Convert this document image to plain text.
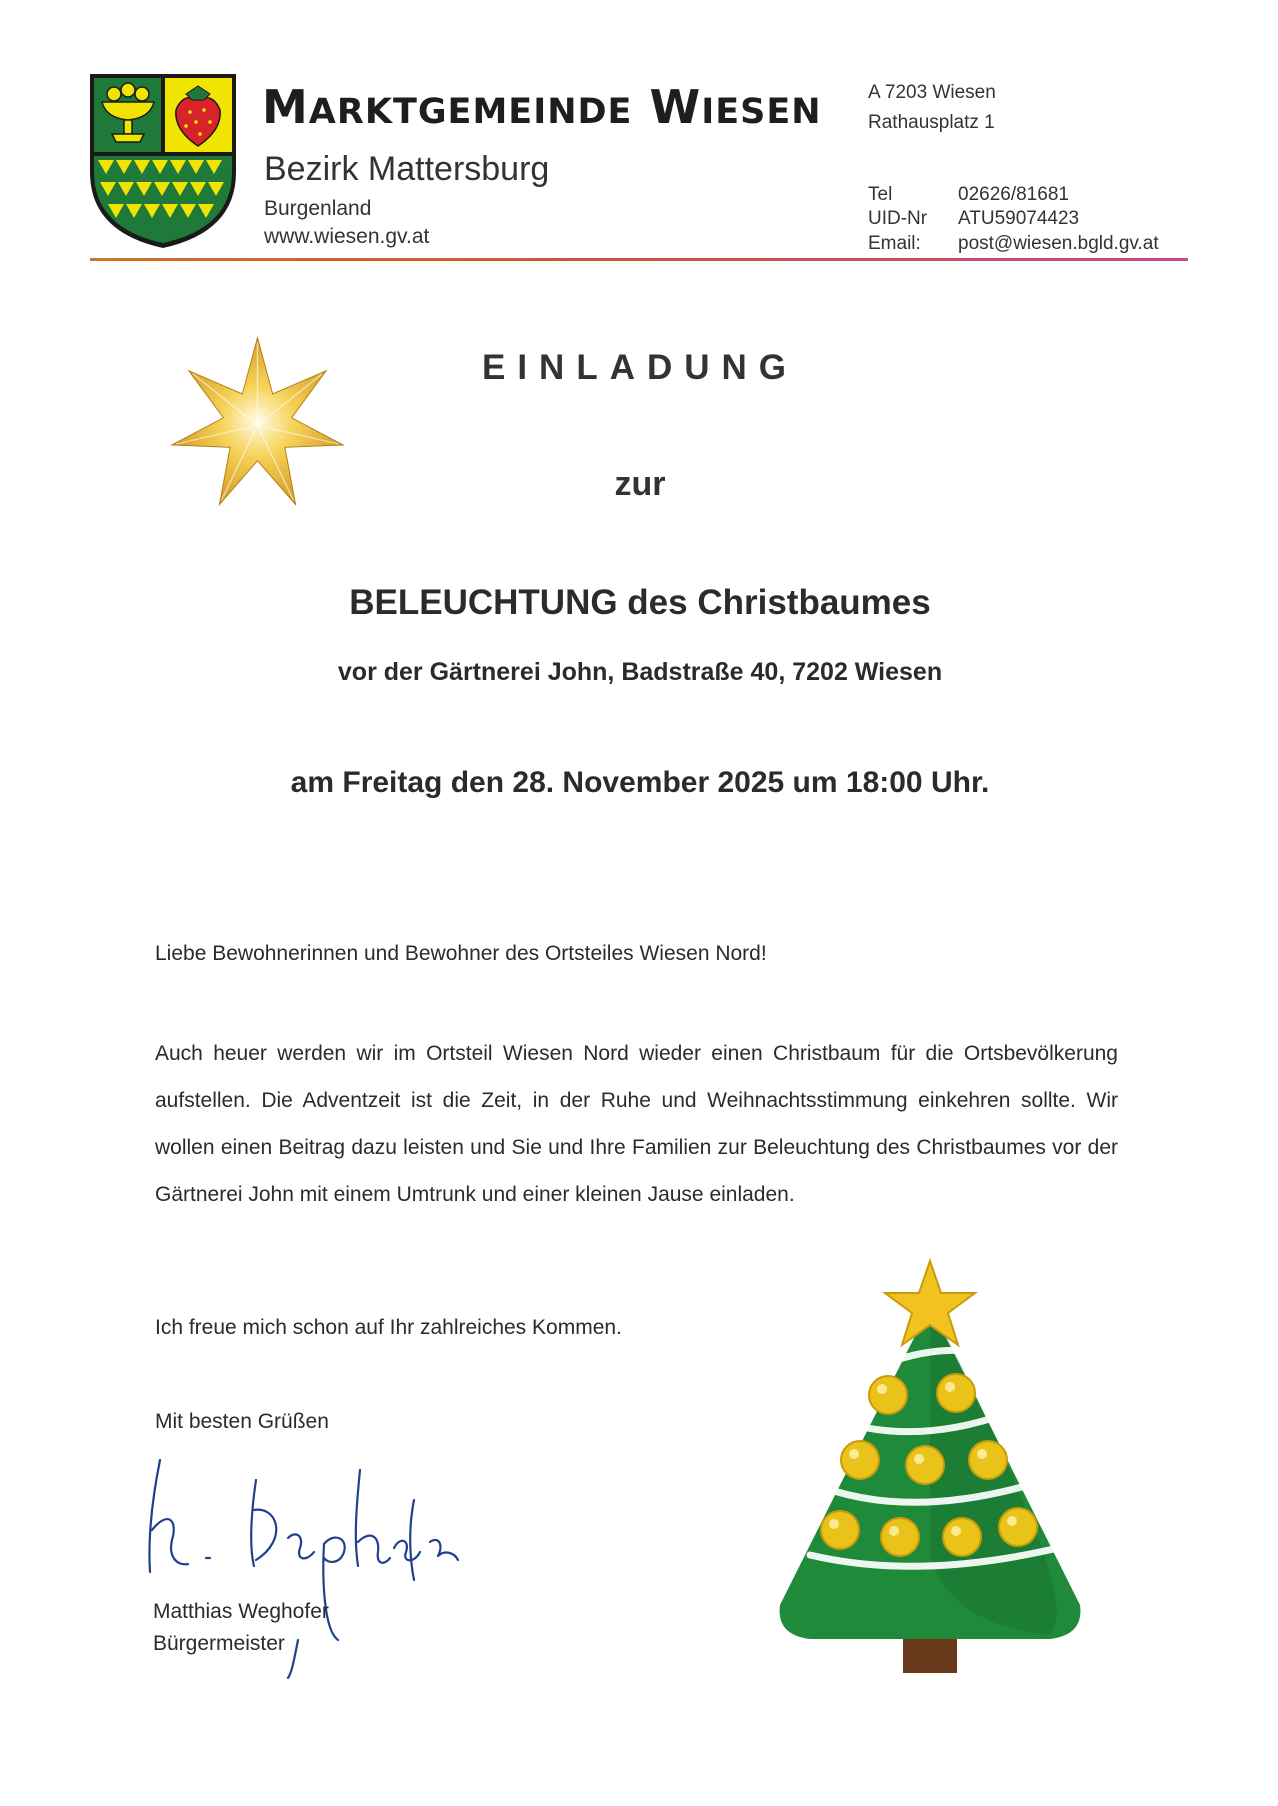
MARKTGEMEINDE WIESEN
Bezirk Mattersburg
Burgenland
www.wiesen.gv.at
A 7203 Wiesen
Rathausplatz 1
Tel	02626/81681
UID-Nr ATU59074423
Email: post@wiesen.bgld.gv.at
EINLADUNG
zur
BELEUCHTUNG des Christbaumes
vor der Gärtnerei John, Badstraße 40, 7202 Wiesen
am Freitag den 28. November 2025 um 18:00 Uhr.
Liebe Bewohnerinnen und Bewohner des Ortsteiles Wiesen Nord!
Auch heuer werden wir im Ortsteil Wiesen Nord wieder einen Christbaum für die Ortsbevölkerung aufstellen. Die Adventzeit ist die Zeit, in der Ruhe und Weihnachtsstimmung einkehren sollte. Wir wollen einen Beitrag dazu leisten und Sie und Ihre Familien zur Beleuchtung des Christbaumes vor der Gärtnerei John mit einem Umtrunk und einer kleinen Jause einladen.
Ich freue mich schon auf Ihr zahlreiches Kommen.
Mit besten Grüßen
Matthias Weghofer
Bürgermeister
